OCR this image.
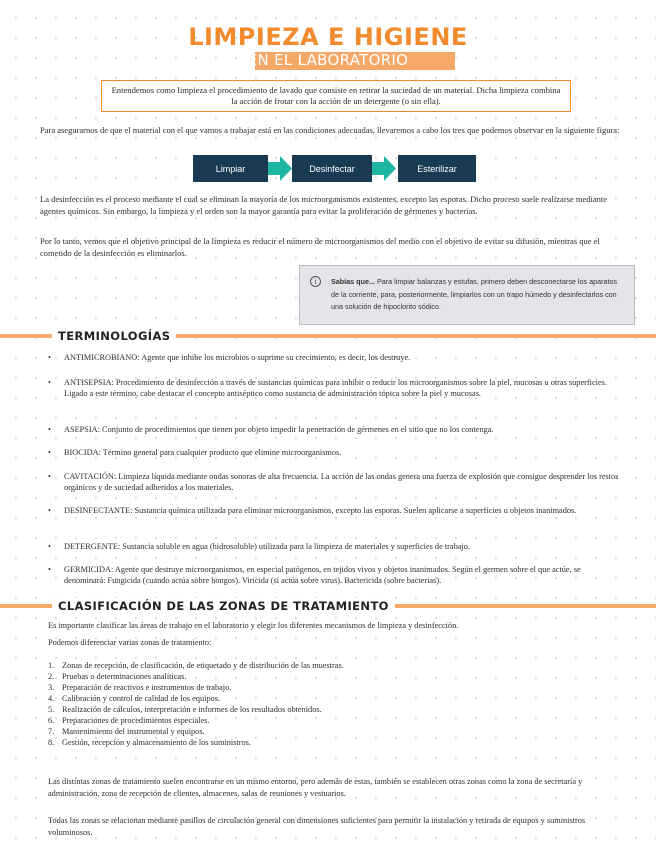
LIMPIEZA E HIGIENE
EN EL LABORATORIO
Entendemos como limpieza el procedimiento de lavado que consiste en retirar la suciedad de un material. Dicha limpieza combina la acción de frotar con la acción de un detergente (o sin ella).
Para asegurarnos de que el material con el que vamos a trabajar está en las condiciones adecuadas, llevaremos a cabo los tres que podemos observar en la siguiente figura:
Limpiar	Desinfectar	Esterilizar
La desinfección es el proceso mediante el cual se eliminan la mayoría de los microorganismos existentes, excepto las esporas. Dicho proceso suele realizarse mediante agentes químicos. Sin embargo, la limpieza y el orden son la mayor garantía para evitar la proliferación de gérmenes y bacterias.
Por lo tanto, vemos que el objetivo principal de la limpieza es reducir el número de microorganismos del medio con el objetivo de evitar su difusión, mientras que el cometido de la desinfección es eliminarlos.
i	Sabías que... Para limpiar balanzas y estufas, primero deben desconectarse los aparatos de la corriente, para, posteriormente, limpiarlos con un trapo húmedo y desinfectarlos con una solución de hipoclorito sódico.
TERMINOLOGÍAS
• ANTIMICROBIANO: Agente que inhibe los microbios o suprime su crecimiento, es decir, los destruye.
• ANTISEPSIA: Procedimiento de desinfección a través de sustancias químicas para inhibir o reducir los microorganismos sobre la piel, mucosas u otras superficies. Ligado a este término, cabe destacar el concepto antiséptico como sustancia de administración tópica sobre la piel y mucosas.
• ASEPSIA: Conjunto de procedimientos que tienen por objeto impedir la penetración de gérmenes en el sitio que no los contenga.
• BIOCIDA: Término general para cualquier producto que elimine microorganismos.
• CAVITACIÓN: Limpieza líquida mediante ondas sonoras de alta frecuencia. La acción de las ondas genera una fuerza de explosión que consigue desprender los restos orgánicos y de suciedad adheridos a los materiales.
• DESINFECTANTE: Sustancia química utilizada para eliminar microorganismos, excepto las esporas. Suelen aplicarse a superficies u objetos inanimados.
• DETERGENTE: Sustancia soluble en agua (hidrosoluble) utilizada para la limpieza de materiales y superficies de trabajo.
• GERMICIDA: Agente que destruye microorganismos, en especial patógenos, en tejidos vivos y objetos inanimados. Según el germen sobre el que actúe, se denominará: Fungicida (cuando actúa sobre hongos). Viricida (si actúa sobre virus). Bactericida (sobre bacterias).
CLASIFICACIÓN DE LAS ZONAS DE TRATAMIENTO
Es importante clasificar las áreas de trabajo en el laboratorio y elegir los diferentes mecanismos de limpieza y desinfección.
Podemos diferenciar varias zonas de tratamiento:
1. Zonas de recepción, de clasificación, de etiquetado y de distribución de las muestras.
2. Pruebas o determinaciones analíticas.
3. Preparación de reactivos e instrumentos de trabajo.
4. Calibración y control de calidad de los equipos.
5. Realización de cálculos, interpretación e informes de los resultados obtenidos.
6. Preparaciones de procedimientos especiales.
7. Mantenimiento del instrumental y equipos.
8. Gestión, recepción y almacenamiento de los suministros.
Las distintas zonas de tratamiento suelen encontrarse en un mismo entorno, pero además de estas, también se establecen otras zonas como la zona de secretaría y administración, zona de recepción de clientes, almacenes, salas de reuniones y vestuarios.
Todas las zonas se relacionan mediante pasillos de circulación general con dimensiones suficientes para permitir la instalación y retirada de equipos y suministros voluminosos.
